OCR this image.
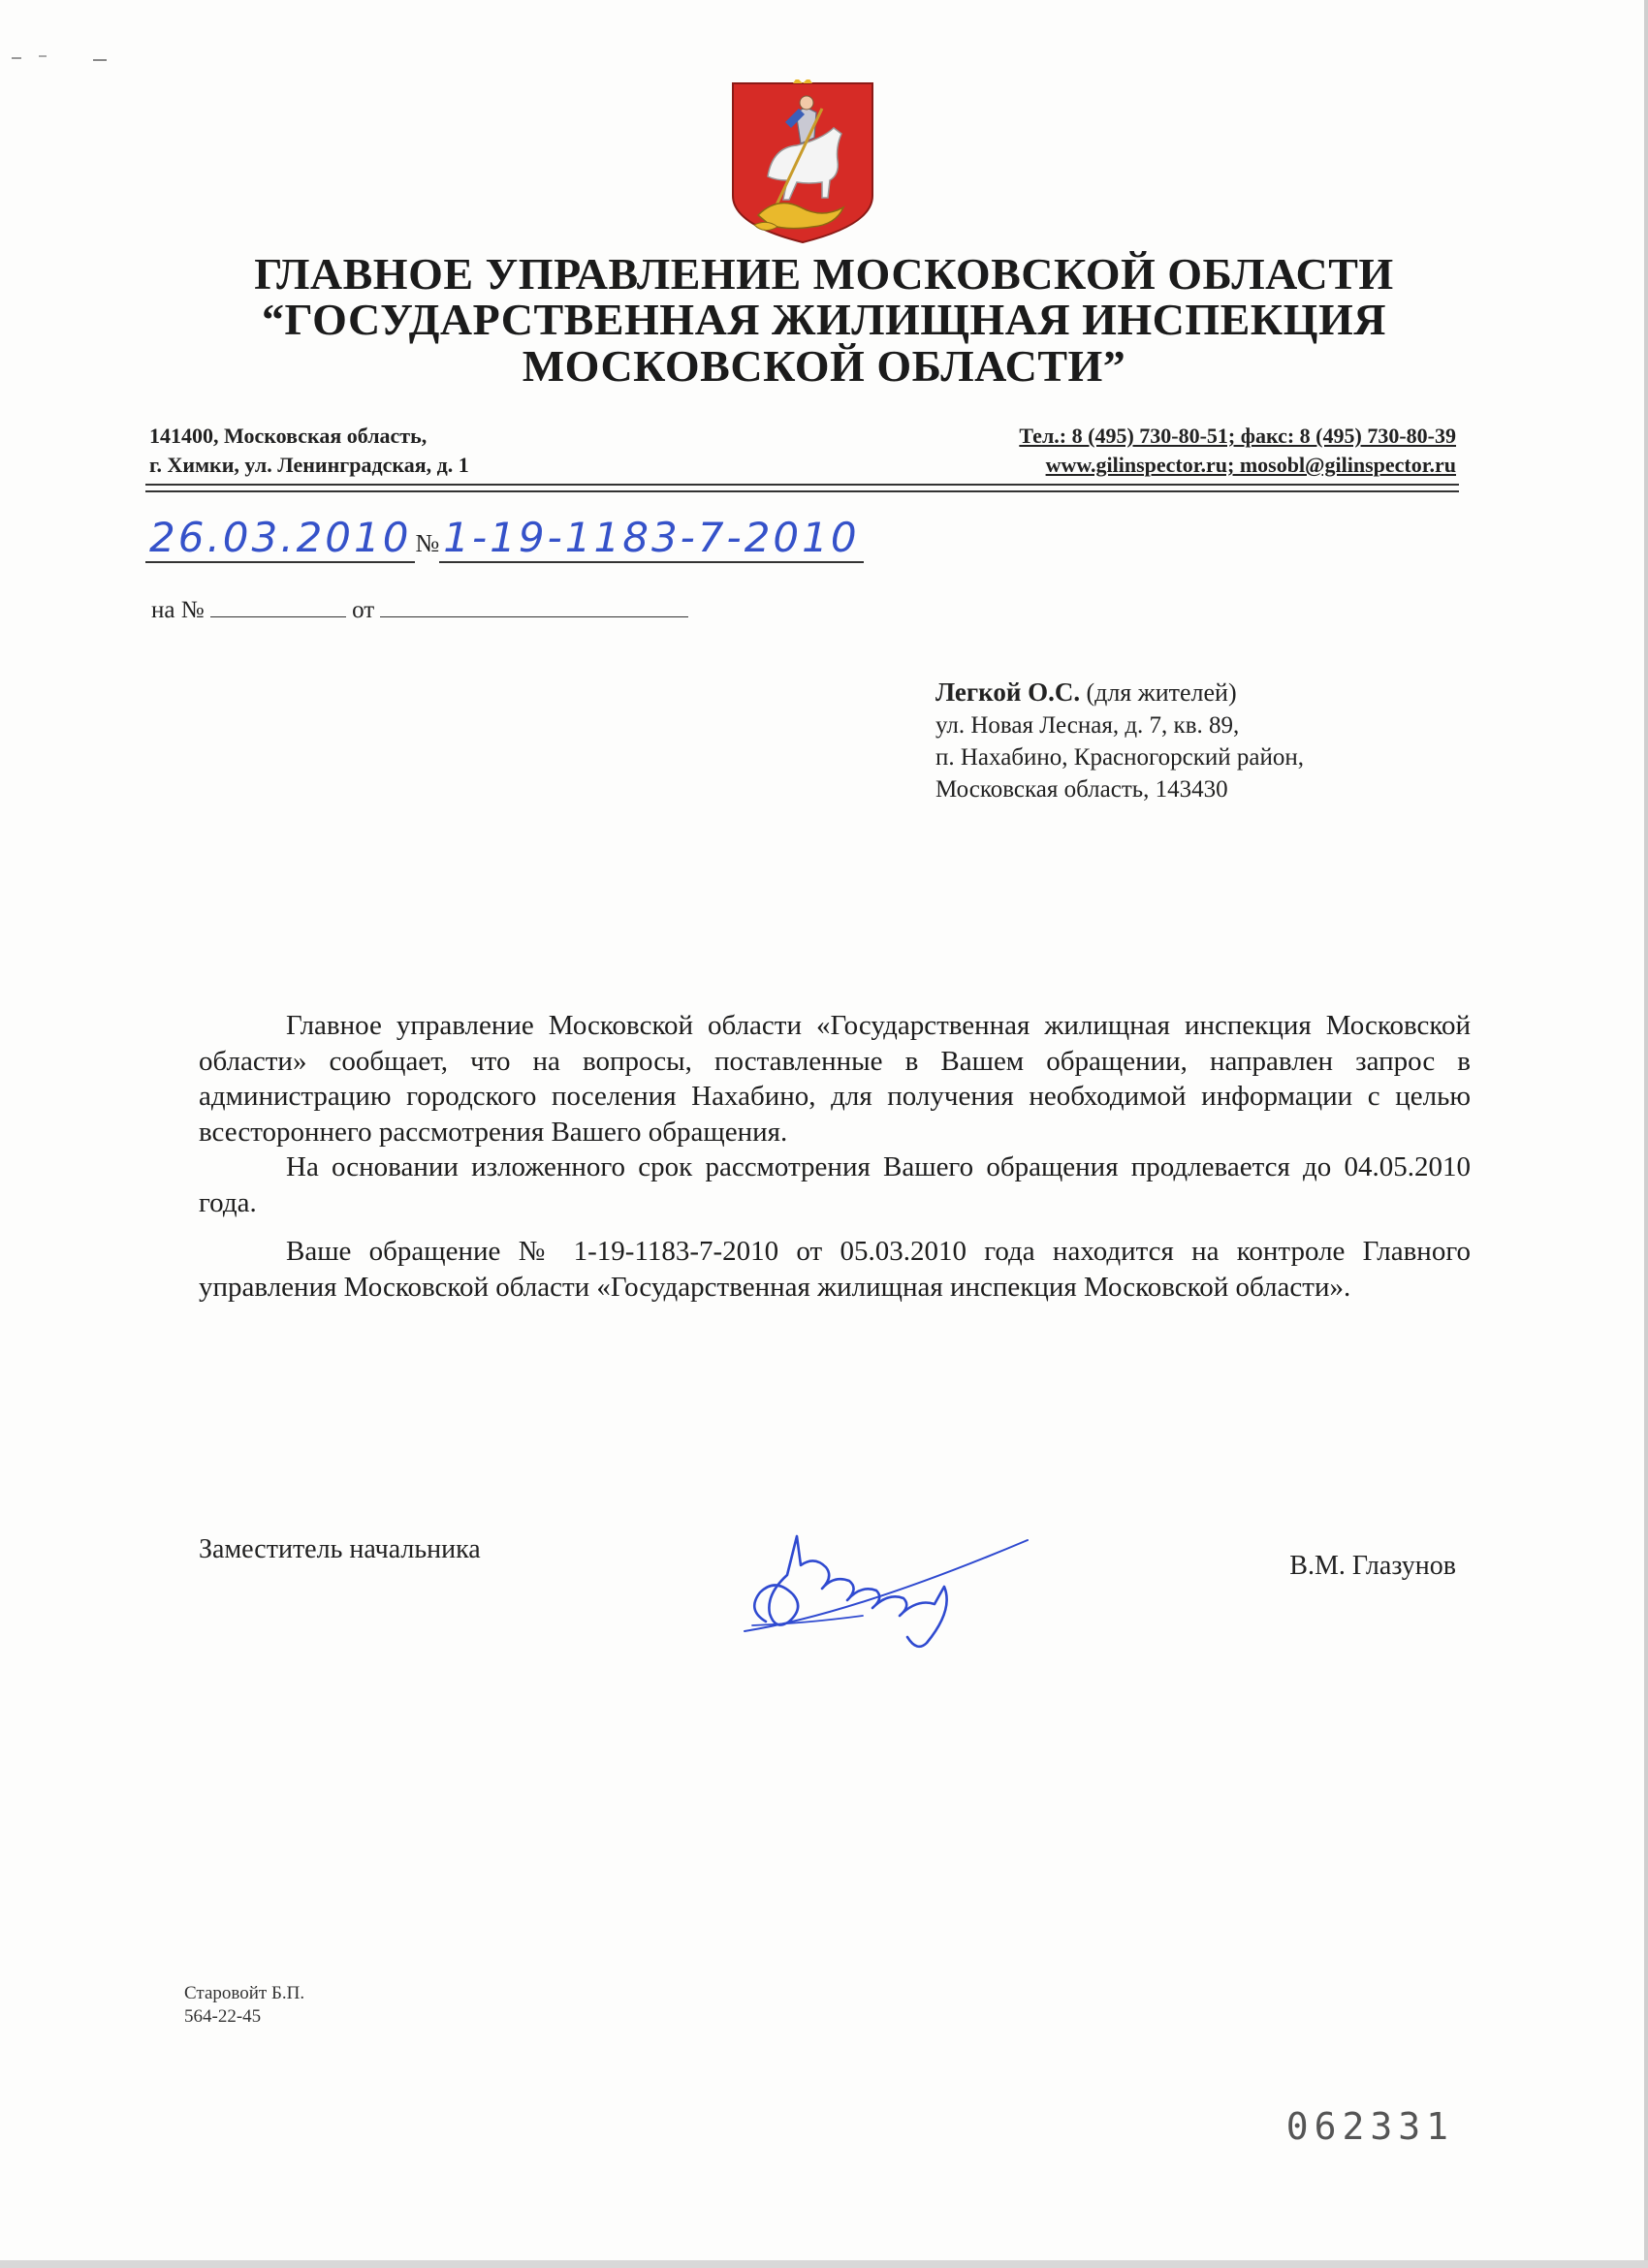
ГЛАВНОЕ УПРАВЛЕНИЕ МОСКОВСКОЙ ОБЛАСТИ
“ГОСУДАРСТВЕННАЯ ЖИЛИЩНАЯ ИНСПЕКЦИЯ
МОСКОВСКОЙ ОБЛАСТИ”
141400, Московская область,
г. Химки, ул. Ленинградская, д. 1
Тел.: 8 (495) 730-80-51; факс: 8 (495) 730-80-39
www.gilinspector.ru; mosobl@gilinspector.ru
26.03.2010 №1-19-1183-7-2010
на №	от
Легкой О.С. (для жителей)
ул. Новая Лесная, д. 7, кв. 89,
п. Нахабино, Красногорский район,
Московская область, 143430

Главное управление Московской области «Государственная жилищная инспекция Московской области» сообщает, что на вопросы, поставленные в Вашем обращении, направлен запрос в администрацию городского поселения Нахабино, для получения необходимой информации с целью всестороннего рассмотрения Вашего обращения.

На основании изложенного срок рассмотрения Вашего обращения продлевается до 04.05.2010 года.

Ваше обращение № 1-19-1183-7-2010 от 05.03.2010 года находится на контроле Главного управления Московской области «Государственная жилищная инспекция Московской области».

Заместитель начальника
В.М. Глазунов
Старовойт Б.П.
564-22-45
062331
